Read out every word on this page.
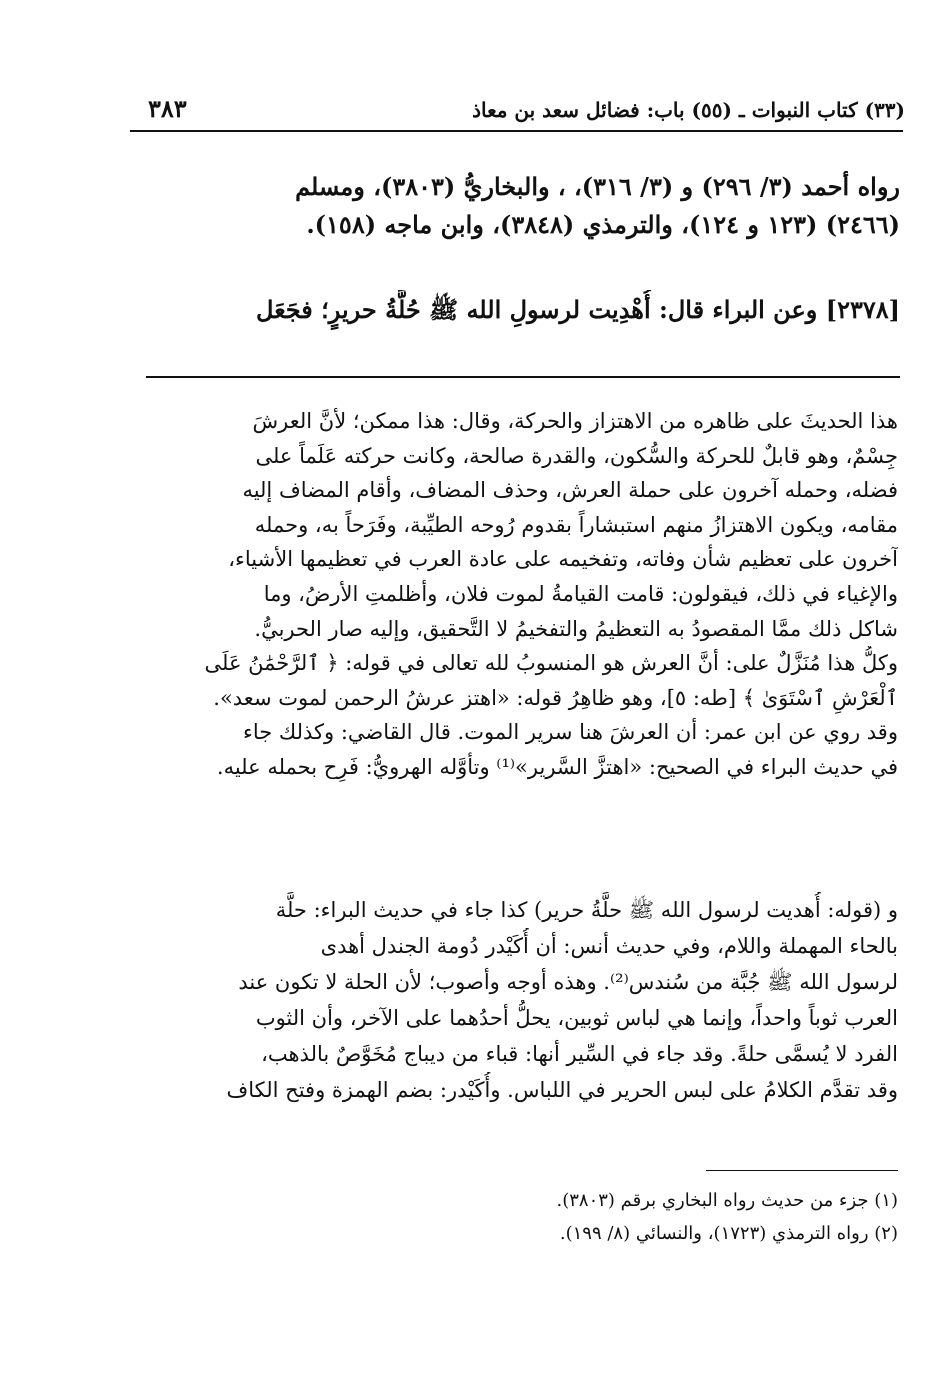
(٣٣) كتاب النبوات ـ (٥٥) باب: فضائل سعد بن معاذ
٣٨٣
رواه أحمد (٣/ ٢٩٦) و (٣/ ٣١٦)، ، والبخاريُّ (٣٨٠٣)، ومسلم
(٢٤٦٦) (١٢٣ و ١٢٤)، والترمذي (٣٨٤٨)، وابن ماجه (١٥٨).
[٢٣٧٨] وعن البراء قال: أُهْدِيت لرسولِ الله ﷺ حُلَّةُ حريرٍ؛ فجَعَل
هذا الحديثَ على ظاهره من الاهتزاز والحركة، وقال: هذا ممكن؛ لأنَّ العرشَ
جِسْمٌ، وهو قابلٌ للحركة والسُّكون، والقدرة صالحة، وكانت حركته عَلَماً على
فضله، وحمله آخرون على حملة العرش، وحذف المضاف، وأقام المضاف إليه
مقامه، ويكون الاهتزازُ منهم استبشاراً بقدوم رُوحه الطيِّبة، وفَرَحاً به، وحمله
آخرون على تعظيم شأن وفاته، وتفخيمه على عادة العرب في تعظيمها الأشياء،
والإغياء في ذلك، فيقولون: قامت القيامةُ لموت فلان، وأظلمتِ الأرضُ، وما
شاكل ذلك ممَّا المقصودُ به التعظيمُ والتفخيمُ لا التَّحقيق، وإليه صار الحربيُّ.
وكلُّ هذا مُنَزَّلٌ على: أنَّ العرش هو المنسوبُ لله تعالى في قوله: ﴿ ٱلرَّحْمَٰنُ عَلَى
ٱلْعَرْشِ ٱسْتَوَىٰ ﴾ [طه: ٥]، وهو ظاهِرُ قوله: «اهتز عرشُ الرحمن لموت سعد».
وقد روي عن ابن عمر: أن العرشَ هنا سرير الموت. قال القاضي: وكذلك جاء
في حديث البراء في الصحيح: «اهتزَّ السَّرير»⁽¹⁾ وتأوَّله الهرويُّ: فَرِح بحمله عليه.
و (قوله: أُهديت لرسول الله ﷺ حلَّةُ حرير) كذا جاء في حديث البراء: حلَّة
بالحاء المهملة واللام، وفي حديث أنس: أن أُكَيْدر دُومة الجندل أهدى
لرسول الله ﷺ جُبَّة من سُندس⁽²⁾. وهذه أوجه وأصوب؛ لأن الحلة لا تكون عند
العرب ثوباً واحداً، وإنما هي لباس ثوبين، يحلُّ أحدُهما على الآخر، وأن الثوب
الفرد لا يُسمَّى حلةً. وقد جاء في السِّير أنها: قباء من ديباج مُخَوَّصٌ بالذهب،
وقد تقدَّم الكلامُ على لبس الحرير في اللباس. وأُكَيْدر: بضم الهمزة وفتح الكاف
(١) جزء من حديث رواه البخاري برقم (٣٨٠٣).
(٢) رواه الترمذي (١٧٢٣)، والنسائي (٨/ ١٩٩).
